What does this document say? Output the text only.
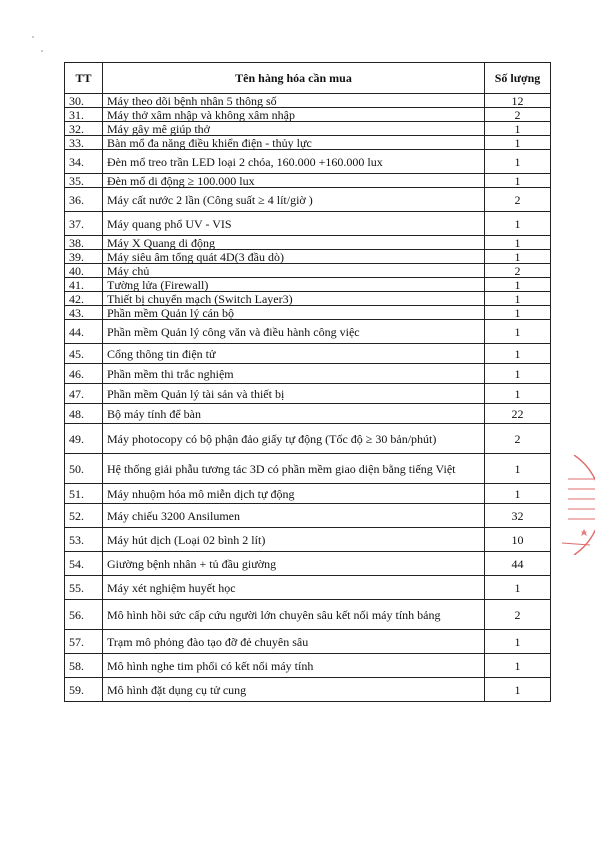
TT	Tên hàng hóa cần mua	Số lượng
30.	Máy theo dõi bệnh nhân 5 thông số	12
31.	Máy thở xâm nhập và không xâm nhập	2
32.	Máy gây mê giúp thở	1
33.	Bàn mổ đa năng điều khiển điện - thủy lực	1
34.	Đèn mổ treo trần LED loại 2 chóa, 160.000 +160.000 lux	1
35.	Đèn mổ di động ≥ 100.000 lux	1
36.	Máy cất nước 2 lần (Công suất ≥ 4 lít/giờ )	2
37.	Máy quang phổ UV - VIS	1
38.	Máy X Quang di động	1
39.	Máy siêu âm tổng quát 4D(3 đầu dò)	1
40.	Máy chủ	2
41.	Tường lửa (Firewall)	1
42.	Thiết bị chuyển mạch (Switch Layer3)	1
43.	Phần mềm Quản lý cán bộ	1
44.	Phần mềm Quản lý công văn và điều hành công việc	1
45.	Cổng thông tin điện tử	1
46.	Phần mềm thi trắc nghiệm	1
47.	Phần mềm Quản lý tài sản và thiết bị	1
48.	Bộ máy tính để bàn	22
49.	Máy photocopy có bộ phận đảo giấy tự động (Tốc độ ≥ 30 bản/phút)	2
50.	Hệ thống giải phẫu tương tác 3D có phần mềm giao diện bằng tiếng Việt	1
51.	Máy nhuộm hóa mô miễn dịch tự động	1
52.	Máy chiếu 3200 Ansilumen	32
53.	Máy hút dịch (Loại 02 bình 2 lít)	10
54.	Giường bệnh nhân + tủ đầu giường	44
55.	Máy xét nghiệm huyết học	1
56.	Mô hình hồi sức cấp cứu người lớn chuyên sâu kết nối máy tính bảng	2
57.	Trạm mô phỏng đào tạo đỡ đẻ chuyên sâu	1
58.	Mô hình nghe tim phổi có kết nối máy tính	1
59.	Mô hình đặt dụng cụ tử cung	1
